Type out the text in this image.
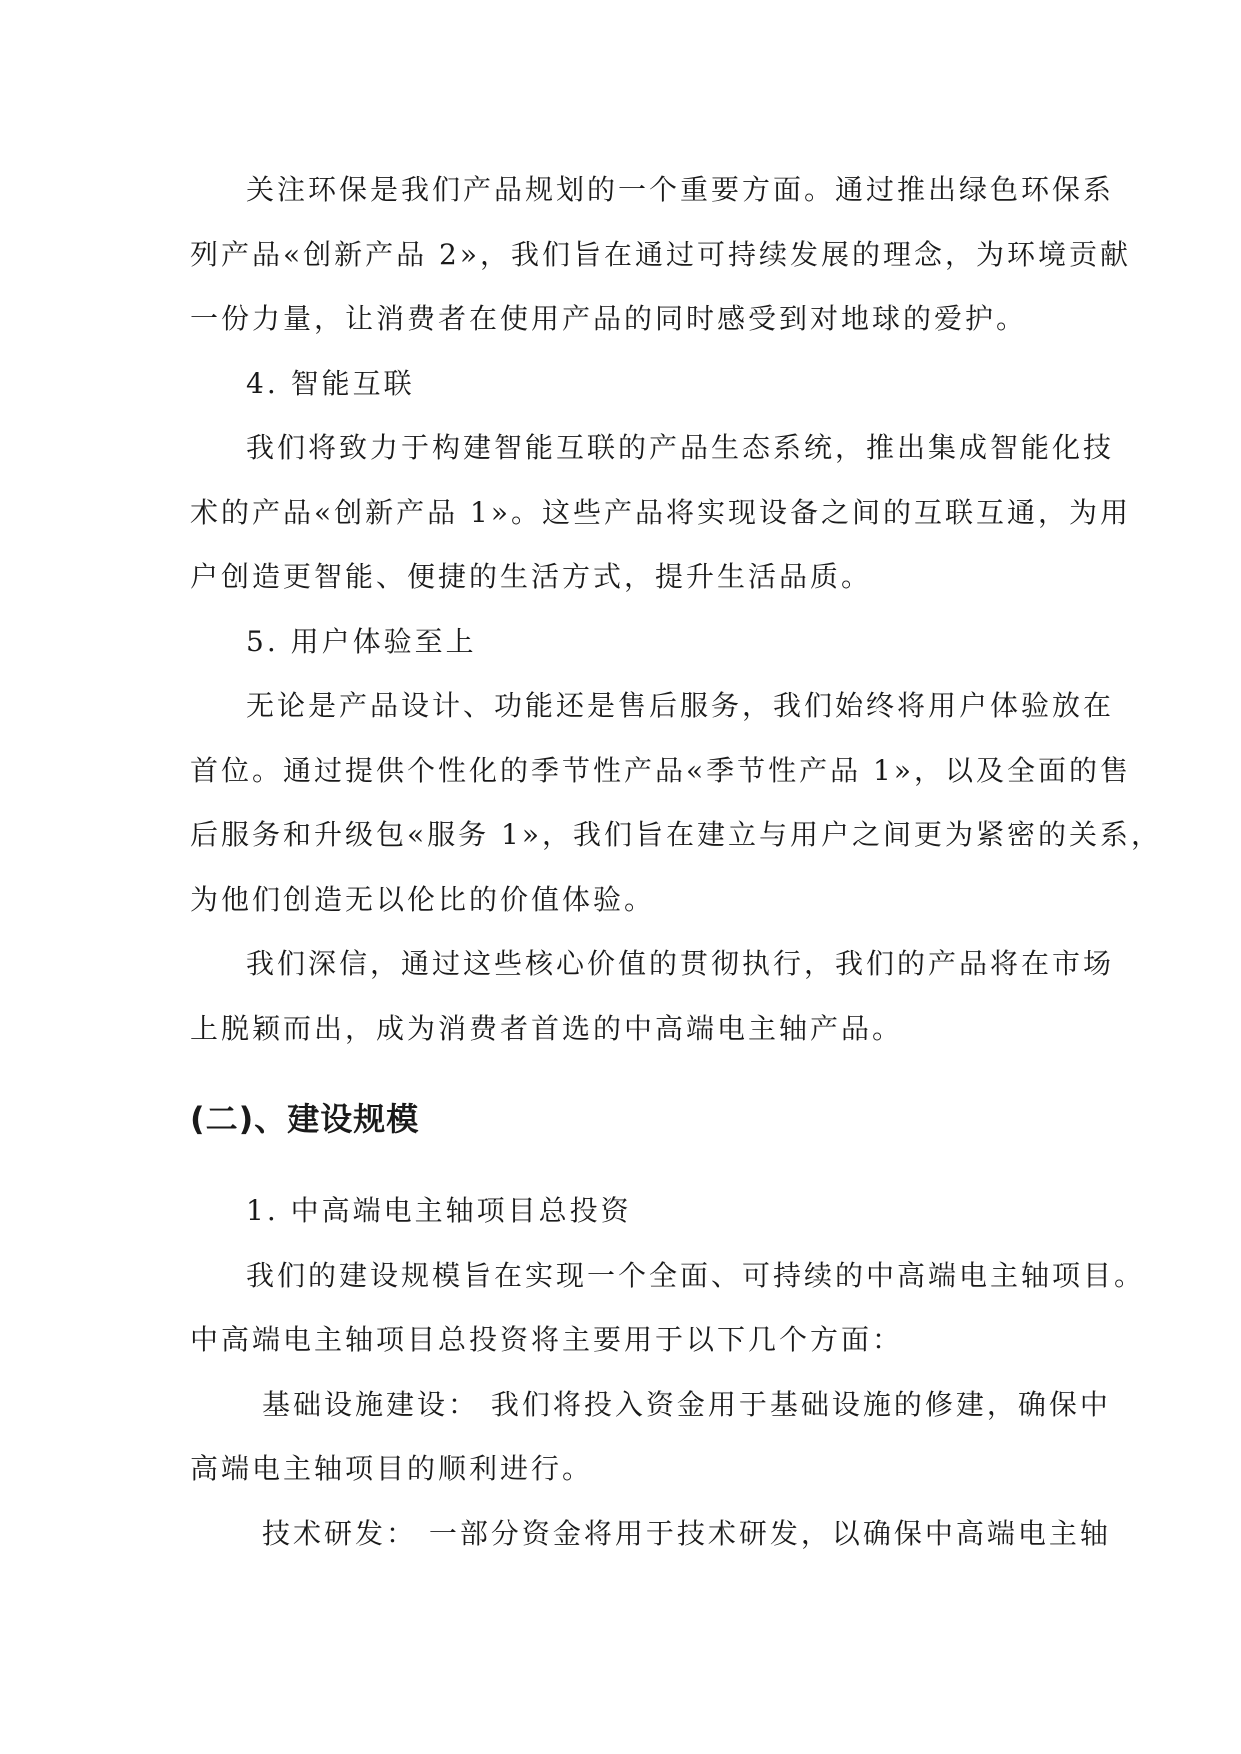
关注环保是我们产品规划的一个重要方面。通过推出绿色环保系
列产品«创新产品 2»，我们旨在通过可持续发展的理念，为环境贡献
一份力量，让消费者在使用产品的同时感受到对地球的爱护。
4. 智能互联
我们将致力于构建智能互联的产品生态系统，推出集成智能化技
术的产品«创新产品 1»。这些产品将实现设备之间的互联互通，为用
户创造更智能、便捷的生活方式，提升生活品质。
5. 用户体验至上
无论是产品设计、功能还是售后服务，我们始终将用户体验放在
首位。通过提供个性化的季节性产品«季节性产品 1»，以及全面的售
后服务和升级包«服务 1»，我们旨在建立与用户之间更为紧密的关系，
为他们创造无以伦比的价值体验。
我们深信，通过这些核心价值的贯彻执行，我们的产品将在市场
上脱颖而出，成为消费者首选的中高端电主轴产品。
(二)、建设规模
1. 中高端电主轴项目总投资
我们的建设规模旨在实现一个全面、可持续的中高端电主轴项目。
中高端电主轴项目总投资将主要用于以下几个方面：
基础设施建设： 我们将投入资金用于基础设施的修建，确保中
高端电主轴项目的顺利进行。
技术研发： 一部分资金将用于技术研发，以确保中高端电主轴
